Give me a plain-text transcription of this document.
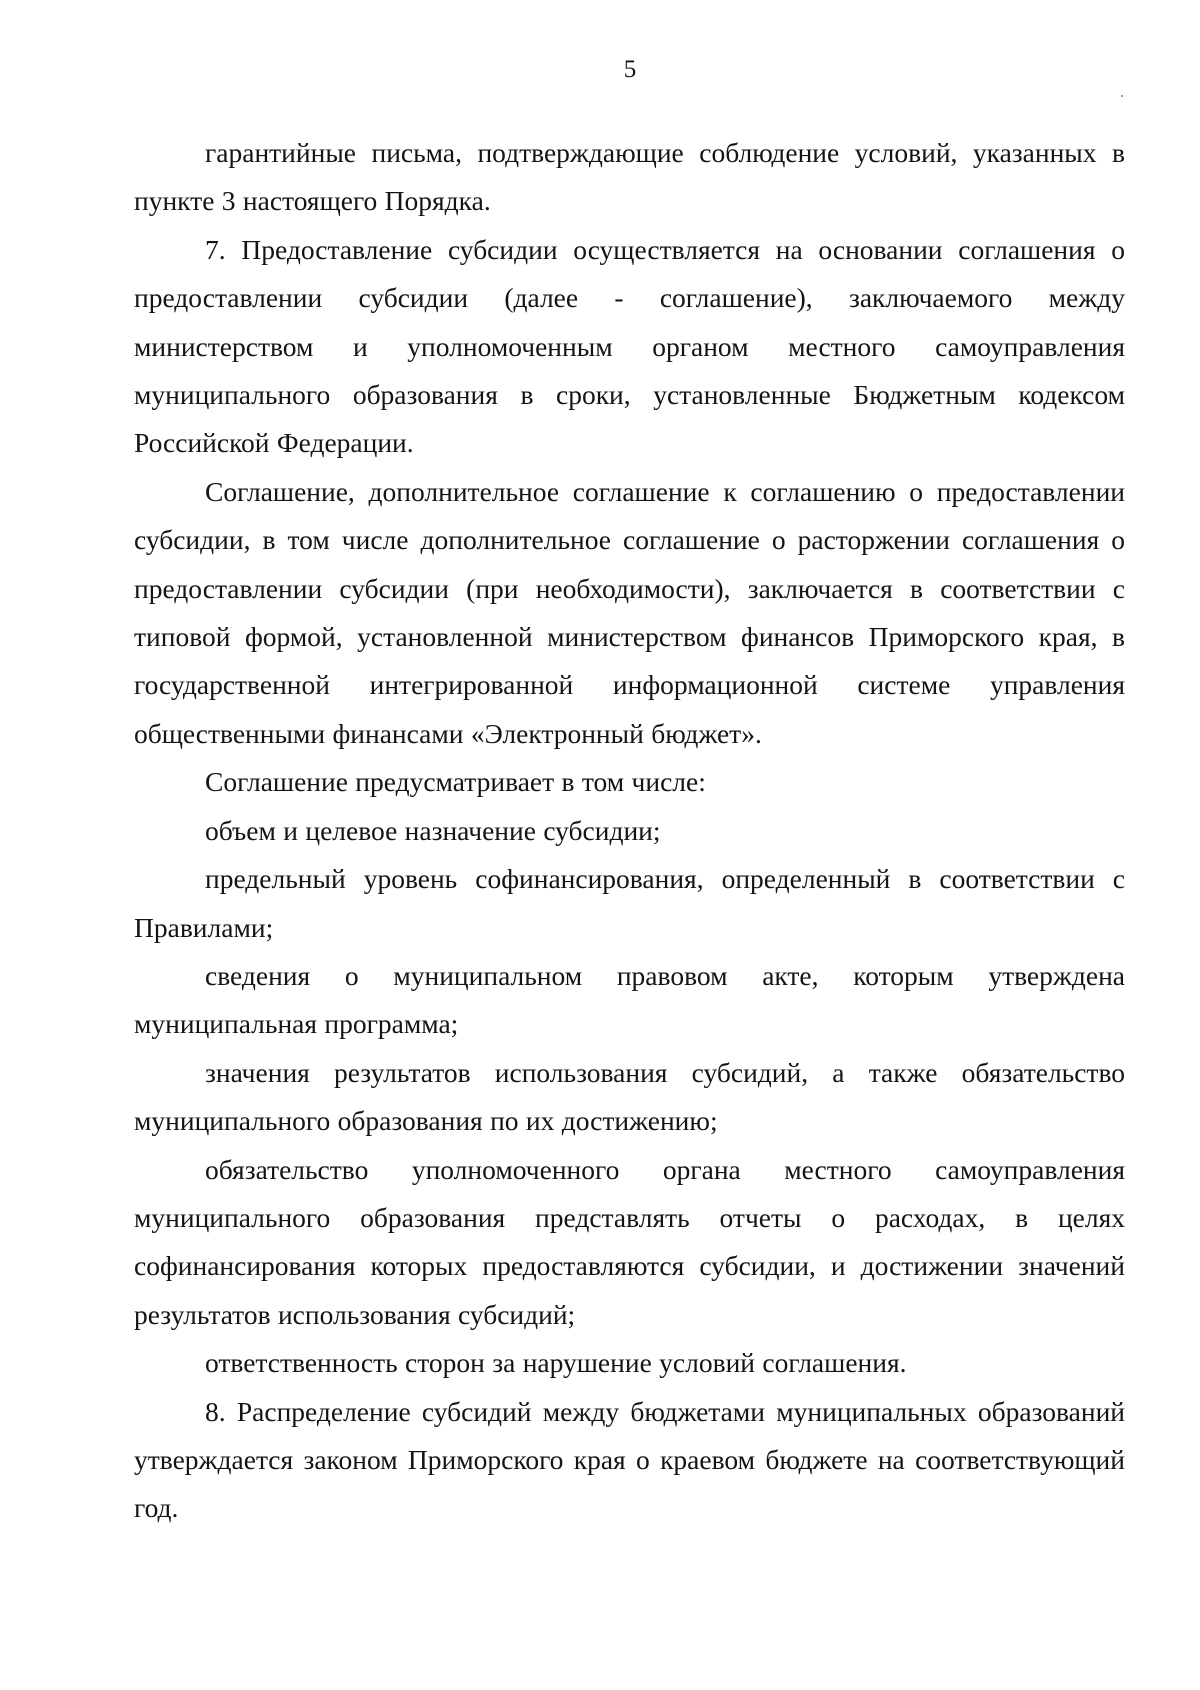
5

гарантийные письма, подтверждающие соблюдение условий, указанных в пункте 3 настоящего Порядка.

7. Предоставление субсидии осуществляется на основании соглашения о предоставлении субсидии (далее - соглашение), заключаемого между министерством и уполномоченным органом местного самоуправления муниципального образования в сроки, установленные Бюджетным кодексом Российской Федерации.

Соглашение, дополнительное соглашение к соглашению о предоставлении субсидии, в том числе дополнительное соглашение о расторжении соглашения о предоставлении субсидии (при необходимости), заключается в соответствии с типовой формой, установленной министерством финансов Приморского края, в государственной интегрированной информационной системе управления общественными финансами «Электронный бюджет».

Соглашение предусматривает в том числе:

объем и целевое назначение субсидии;

предельный уровень софинансирования, определенный в соответствии с Правилами;

сведения о муниципальном правовом акте, которым утверждена муниципальная программа;

значения результатов использования субсидий, а также обязательство муниципального образования по их достижению;

обязательство уполномоченного органа местного самоуправления муниципального образования представлять отчеты о расходах, в целях софинансирования которых предоставляются субсидии, и достижении значений результатов использования субсидий;

ответственность сторон за нарушение условий соглашения.

8. Распределение субсидий между бюджетами муниципальных образований утверждается законом Приморского края о краевом бюджете на соответствующий год.
